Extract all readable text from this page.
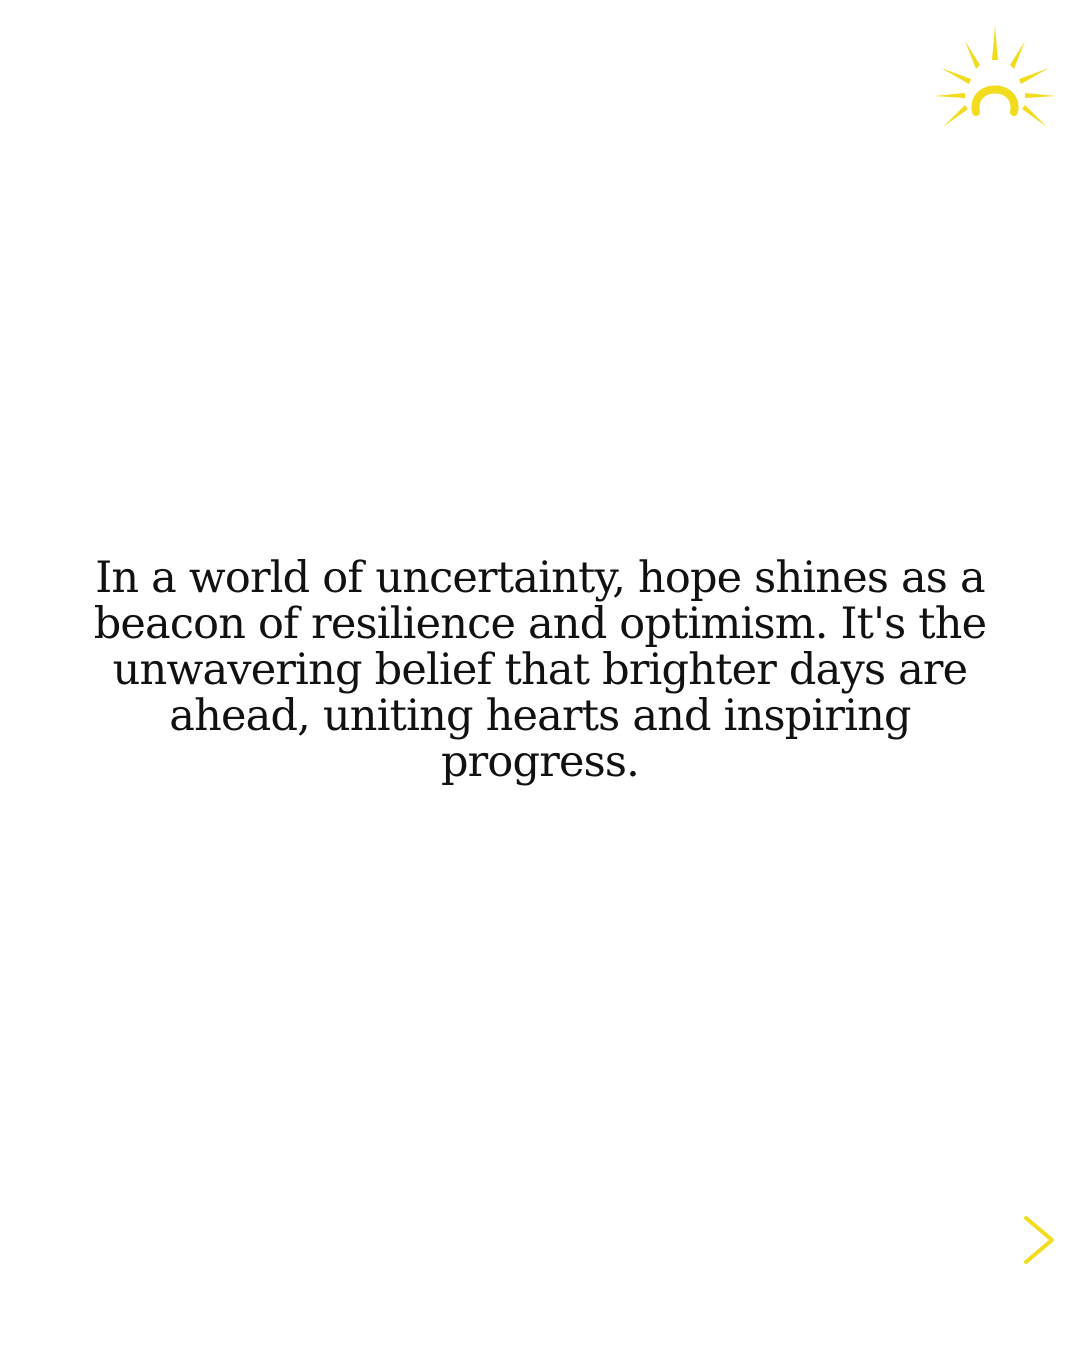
In a world of uncertainty, hope shines as a beacon of resilience and optimism. It's the unwavering belief that brighter days are ahead, uniting hearts and inspiring progress.
